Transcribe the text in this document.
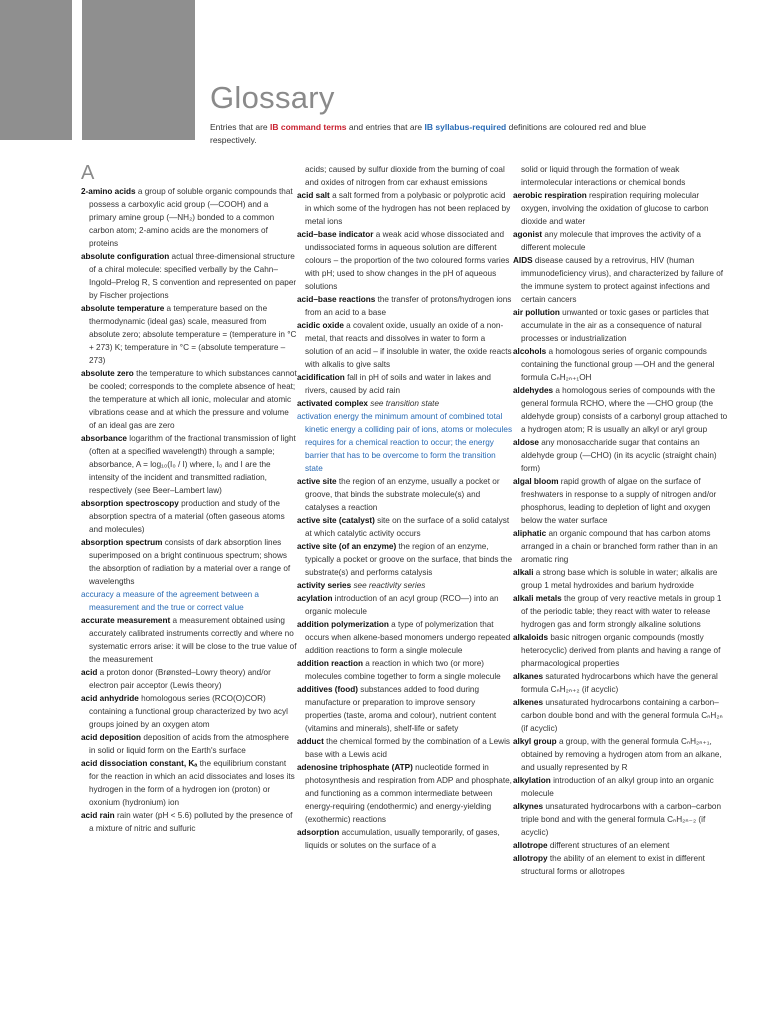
Glossary
Entries that are IB command terms and entries that are IB syllabus-required definitions are coloured red and blue respectively.
A

2-amino acids a group of soluble organic compounds that possess a carboxylic acid group (—COOH) and a primary amine group (—NH₂) bonded to a common carbon atom; 2-amino acids are the monomers of proteins

absolute configuration actual three-dimensional structure of a chiral molecule: specified verbally by the Cahn–Ingold–Prelog R, S convention and represented on paper by Fischer projections

absolute temperature a temperature based on the thermodynamic (ideal gas) scale, measured from absolute zero; absolute temperature = (temperature in °C + 273) K; temperature in °C = (absolute temperature – 273)

absolute zero the temperature to which substances cannot be cooled; corresponds to the complete absence of heat; the temperature at which all ionic, molecular and atomic vibrations cease and at which the pressure and volume of an ideal gas are zero

absorbance logarithm of the fractional transmission of light (often at a specified wavelength) through a sample; absorbance, A = log₁₀(I₀ / I) where, I₀ and I are the intensity of the incident and transmitted radiation, respectively (see Beer–Lambert law)

absorption spectroscopy production and study of the absorption spectra of a material (often gaseous atoms and molecules)

absorption spectrum consists of dark absorption lines superimposed on a bright continuous spectrum; shows the absorption of radiation by a material over a range of wavelengths

accuracy a measure of the agreement between a measurement and the true or correct value

accurate measurement a measurement obtained using accurately calibrated instruments correctly and where no systematic errors arise: it will be close to the true value of the measurement

acid a proton donor (Brønsted–Lowry theory) and/or electron pair acceptor (Lewis theory)

acid anhydride homologous series (RCO(O)COR) containing a functional group characterized by two acyl groups joined by an oxygen atom

acid deposition deposition of acids from the atmosphere in solid or liquid form on the Earth's surface

acid dissociation constant, Kₐ the equilibrium constant for the reaction in which an acid dissociates and loses its hydrogen in the form of a hydrogen ion (proton) or oxonium (hydronium) ion

acid rain rain water (pH < 5.6) polluted by the presence of a mixture of nitric and sulfuric

acids; caused by sulfur dioxide from the burning of coal and oxides of nitrogen from car exhaust emissions

acid salt a salt formed from a polybasic or polyprotic acid in which some of the hydrogen has not been replaced by metal ions

acid–base indicator a weak acid whose dissociated and undissociated forms in aqueous solution are different colours – the proportion of the two coloured forms varies with pH; used to show changes in the pH of aqueous solutions

acid–base reactions the transfer of protons/hydrogen ions from an acid to a base

acidic oxide a covalent oxide, usually an oxide of a non-metal, that reacts and dissolves in water to form a solution of an acid – if insoluble in water, the oxide reacts with alkalis to give salts

acidification fall in pH of soils and water in lakes and rivers, caused by acid rain

activated complex see transition state

activation energy the minimum amount of combined total kinetic energy a colliding pair of ions, atoms or molecules requires for a chemical reaction to occur; the energy barrier that has to be overcome to form the transition state

active site the region of an enzyme, usually a pocket or groove, that binds the substrate molecule(s) and catalyses a reaction

active site (catalyst) site on the surface of a solid catalyst at which catalytic activity occurs

active site (of an enzyme) the region of an enzyme, typically a pocket or groove on the surface, that binds the substrate(s) and performs catalysis

activity series see reactivity series

acylation introduction of an acyl group (RCO—) into an organic molecule

addition polymerization a type of polymerization that occurs when alkene-based monomers undergo repeated addition reactions to form a single molecule

addition reaction a reaction in which two (or more) molecules combine together to form a single molecule

additives (food) substances added to food during manufacture or preparation to improve sensory properties (taste, aroma and colour), nutrient content (vitamins and minerals), shelf-life or safety

adduct the chemical formed by the combination of a Lewis base with a Lewis acid

adenosine triphosphate (ATP) nucleotide formed in photosynthesis and respiration from ADP and phosphate, and functioning as a common intermediate between energy-requiring (endothermic) and energy-yielding (exothermic) reactions

adsorption accumulation, usually temporarily, of gases, liquids or solutes on the surface of a

solid or liquid through the formation of weak intermolecular interactions or chemical bonds

aerobic respiration respiration requiring molecular oxygen, involving the oxidation of glucose to carbon dioxide and water

agonist any molecule that improves the activity of a different molecule

AIDS disease caused by a retrovirus, HIV (human immunodeficiency virus), and characterized by failure of the immune system to protect against infections and certain cancers

air pollution unwanted or toxic gases or particles that accumulate in the air as a consequence of natural processes or industrialization

alcohols a homologous series of organic compounds containing the functional group —OH and the general formula CₙH₂ₙ₊₁OH

aldehydes a homologous series of compounds with the general formula RCHO, where the —CHO group (the aldehyde group) consists of a carbonyl group attached to a hydrogen atom; R is usually an alkyl or aryl group

aldose any monosaccharide sugar that contains an aldehyde group (—CHO) (in its acyclic (straight chain) form)

algal bloom rapid growth of algae on the surface of freshwaters in response to a supply of nitrogen and/or phosphorus, leading to depletion of light and oxygen below the water surface

aliphatic an organic compound that has carbon atoms arranged in a chain or branched form rather than in an aromatic ring

alkali a strong base which is soluble in water; alkalis are group 1 metal hydroxides and barium hydroxide

alkali metals the group of very reactive metals in group 1 of the periodic table; they react with water to release hydrogen gas and form strongly alkaline solutions

alkaloids basic nitrogen organic compounds (mostly heterocyclic) derived from plants and having a range of pharmacological properties

alkanes saturated hydrocarbons which have the general formula CₙH₂ₙ₊₂ (if acyclic)

alkenes unsaturated hydrocarbons containing a carbon–carbon double bond and with the general formula CₙH₂ₙ (if acyclic)

alkyl group a group, with the general formula CₙH₂ₙ₊₁, obtained by removing a hydrogen atom from an alkane, and usually represented by R

alkylation introduction of an alkyl group into an organic molecule

alkynes unsaturated hydrocarbons with a carbon–carbon triple bond and with the general formula CₙH₂ₙ₋₂ (if acyclic)

allotrope different structures of an element

allotropy the ability of an element to exist in different structural forms or allotropes
